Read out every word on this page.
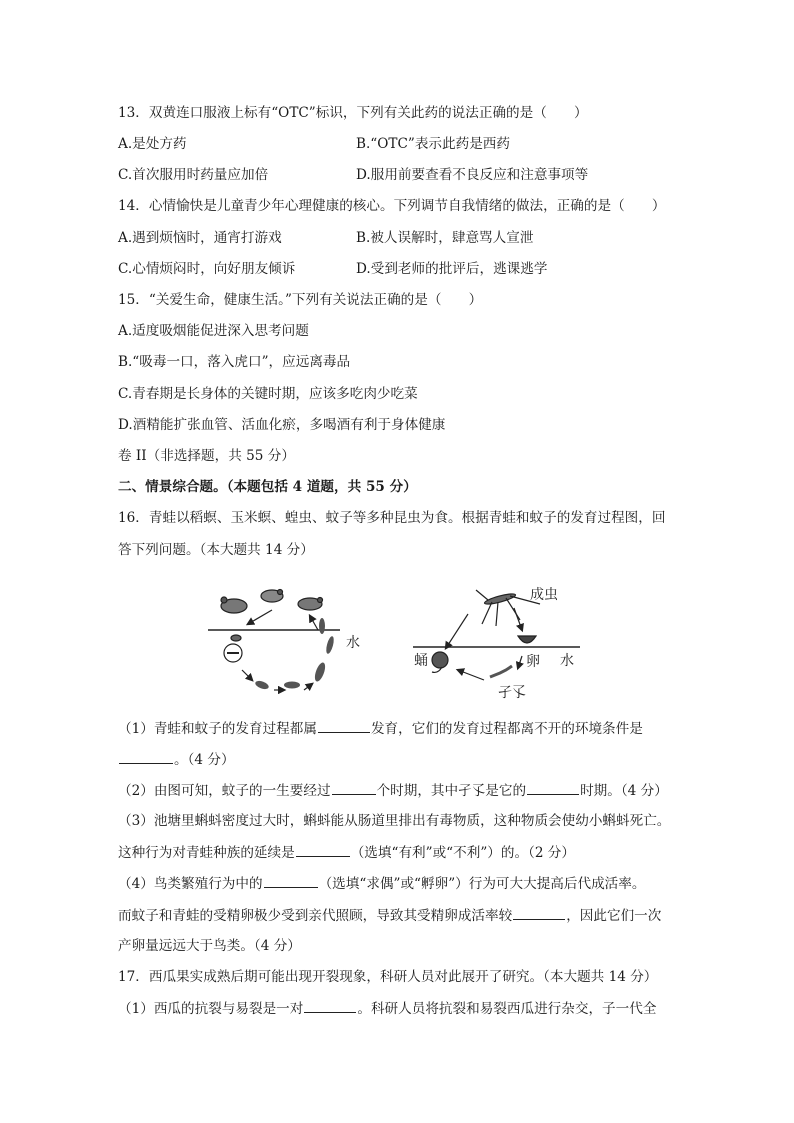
13．双黄连口服液上标有“OTC”标识，下列有关此药的说法正确的是（　　）
A.是处方药	B.“OTC”表示此药是西药
C.首次服用时药量应加倍	D.服用前要查看不良反应和注意事项等
14．心情愉快是儿童青少年心理健康的核心。下列调节自我情绪的做法，正确的是（　　）
A.遇到烦恼时，通宵打游戏	B.被人误解时，肆意骂人宣泄
C.心情烦闷时，向好朋友倾诉	D.受到老师的批评后，逃课逃学
15．“关爱生命，健康生活。”下列有关说法正确的是（　　）
A.适度吸烟能促进深入思考问题
B.“吸毒一口，落入虎口”，应远离毒品
C.青春期是长身体的关键时期，应该多吃肉少吃菜
D.酒精能扩张血管、活血化瘀，多喝酒有利于身体健康
卷 II（非选择题，共 55 分）
二、情景综合题。（本题包括 4 道题，共 55 分）
16．青蛙以稻螟、玉米螟、蝗虫、蚊子等多种昆虫为食。根据青蛙和蚊子的发育过程图，回
答下列问题。（本大题共 14 分）
水
成虫
卵 水
蛹
孑孓
（1）青蛙和蚊子的发育过程都属	发育，它们的发育过程都离不开的环境条件是
。（4 分）
（2）由图可知，蚊子的一生要经过	个时期，其中孑孓是它的	时期。（4 分）
（3）池塘里蝌蚪密度过大时，蝌蚪能从肠道里排出有毒物质，这种物质会使幼小蝌蚪死亡。
这种行为对青蛙种族的延续是	（选填“有利”或“不利”）的。（2 分）
（4）鸟类繁殖行为中的	（选填“求偶”或“孵卵”）行为可大大提高后代成活率。
而蚊子和青蛙的受精卵极少受到亲代照顾，导致其受精卵成活率较	，因此它们一次
产卵量远远大于鸟类。（4 分）
17．西瓜果实成熟后期可能出现开裂现象，科研人员对此展开了研究。（本大题共 14 分）
（1）西瓜的抗裂与易裂是一对	。科研人员将抗裂和易裂西瓜进行杂交，子一代全
